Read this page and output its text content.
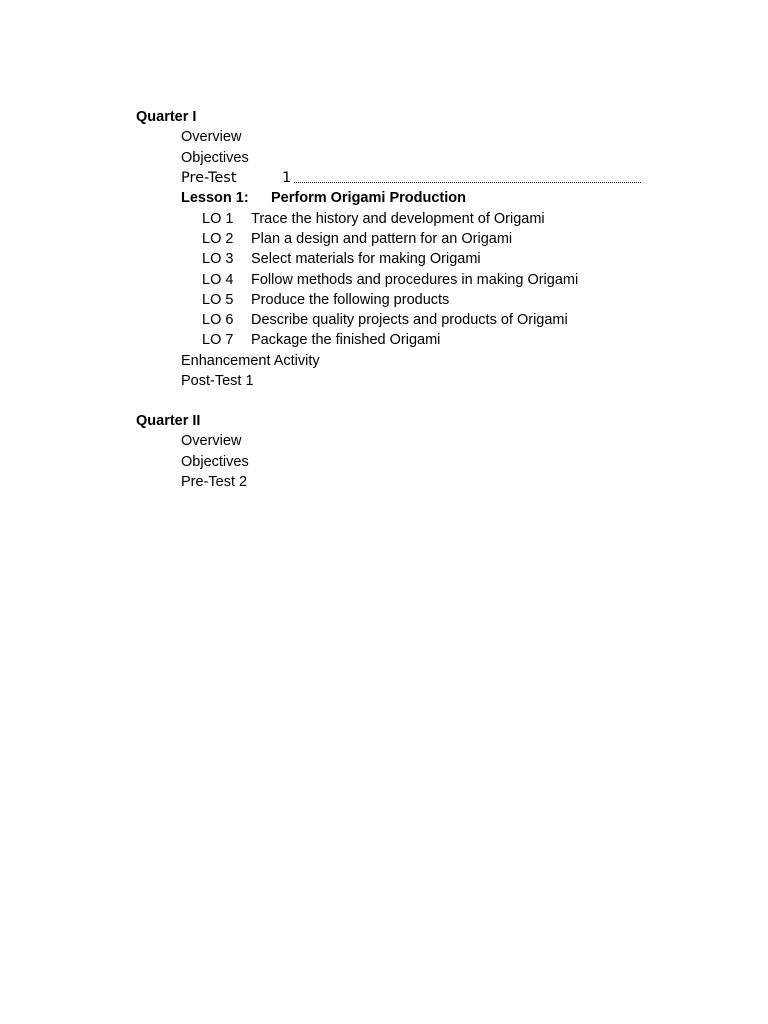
Quarter I
Overview
Objectives
Pre-Test	1
Lesson 1: Perform Origami Production
LO 1 Trace the history and development of Origami
LO 2 Plan a design and pattern for an Origami
LO 3 Select materials for making Origami
LO 4 Follow methods and procedures in making Origami
LO 5 Produce the following products
LO 6 Describe quality projects and products of Origami
LO 7 Package the finished Origami
Enhancement Activity
Post-Test 1
Quarter II
Overview
Objectives
Pre-Test 2
